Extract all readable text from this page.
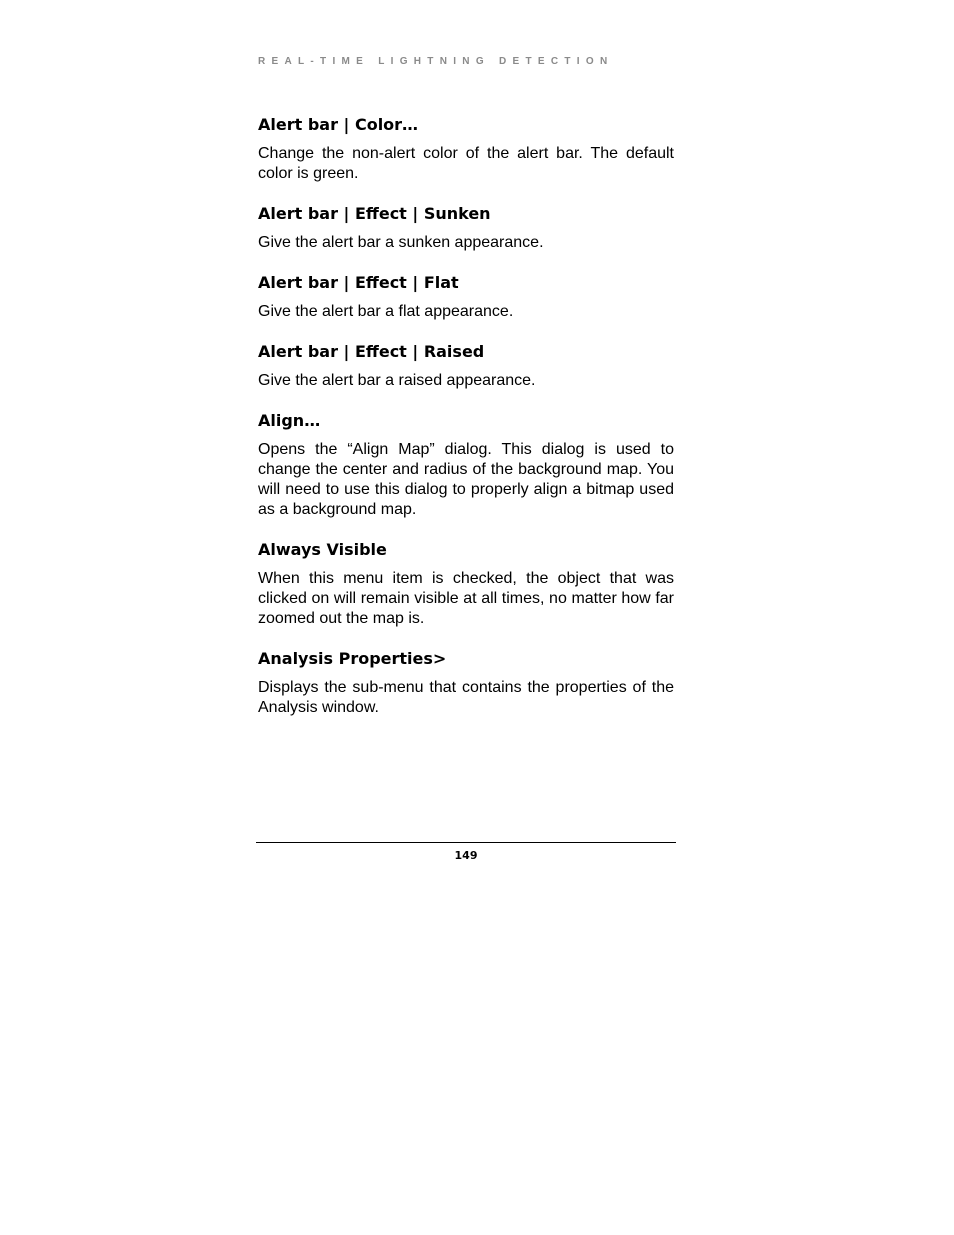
REAL-TIME LIGHTNING DETECTION
Alert bar | Color…

Change the non-alert color of the alert bar. The default color is green.

Alert bar | Effect | Sunken

Give the alert bar a sunken appearance.

Alert bar | Effect | Flat

Give the alert bar a flat appearance.

Alert bar | Effect | Raised

Give the alert bar a raised appearance.

Align…

Opens the “Align Map” dialog. This dialog is used to change the center and radius of the background map. You will need to use this dialog to properly align a bitmap used as a background map.

Always Visible

When this menu item is checked, the object that was clicked on will remain visible at all times, no matter how far zoomed out the map is.

Analysis Properties>

Displays the sub-menu that contains the properties of the Analysis window.

149
